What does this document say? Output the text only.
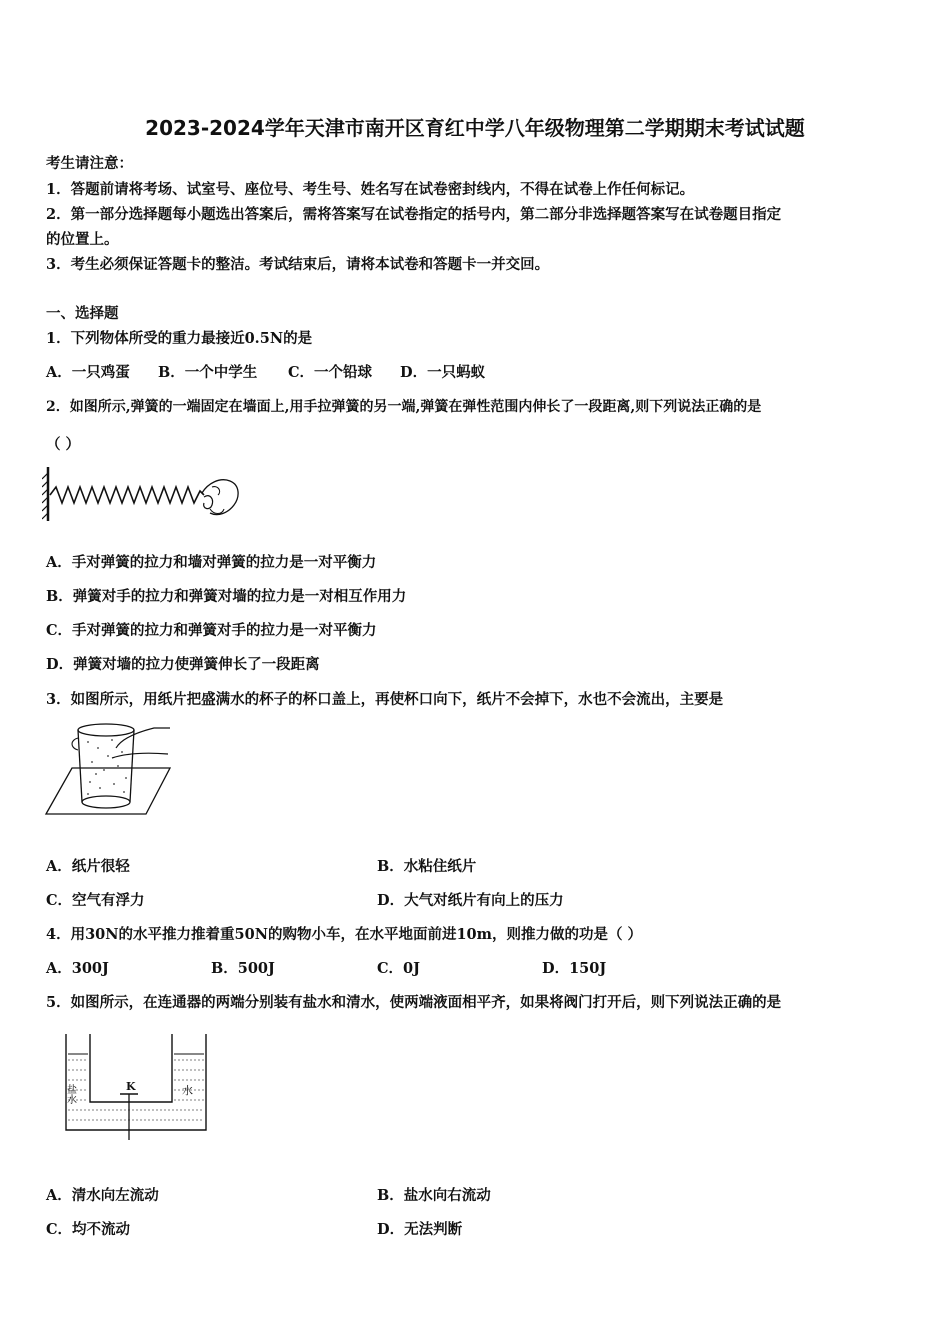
2023-2024学年天津市南开区育红中学八年级物理第二学期期末考试试题
考生请注意：
1．答题前请将考场、试室号、座位号、考生号、姓名写在试卷密封线内，不得在试卷上作任何标记。
2．第一部分选择题每小题选出答案后，需将答案写在试卷指定的括号内，第二部分非选择题答案写在试卷题目指定
的位置上。
3．考生必须保证答题卡的整洁。考试结束后，请将本试卷和答题卡一并交回。
一、选择题
1．下列物体所受的重力最接近0.5N的是
A．一只鸡蛋 B．一个中学生 C．一个铅球 D．一只蚂蚁
2．如图所示,弹簧的一端固定在墙面上,用手拉弹簧的另一端,弹簧在弹性范围内伸长了一段距离,则下列说法正确的是
（ ）
A．手对弹簧的拉力和墙对弹簧的拉力是一对平衡力
B．弹簧对手的拉力和弹簧对墙的拉力是一对相互作用力
C．手对弹簧的拉力和弹簧对手的拉力是一对平衡力
D．弹簧对墙的拉力使弹簧伸长了一段距离
3．如图所示，用纸片把盛满水的杯子的杯口盖上，再使杯口向下，纸片不会掉下，水也不会流出，主要是
A．纸片很轻	B．水粘住纸片
C．空气有浮力	D．大气对纸片有向上的压力
4．用30N的水平推力推着重50N的购物小车，在水平地面前进10m，则推力做的功是（ ）
A．300J	B．500J	C．0J	D．150J
5．如图所示，在连通器的两端分别装有盐水和清水，使两端液面相平齐，如果将阀门打开后，则下列说法正确的是
K
盐水	水
A．清水向左流动	B．盐水向右流动
C．均不流动	D．无法判断
